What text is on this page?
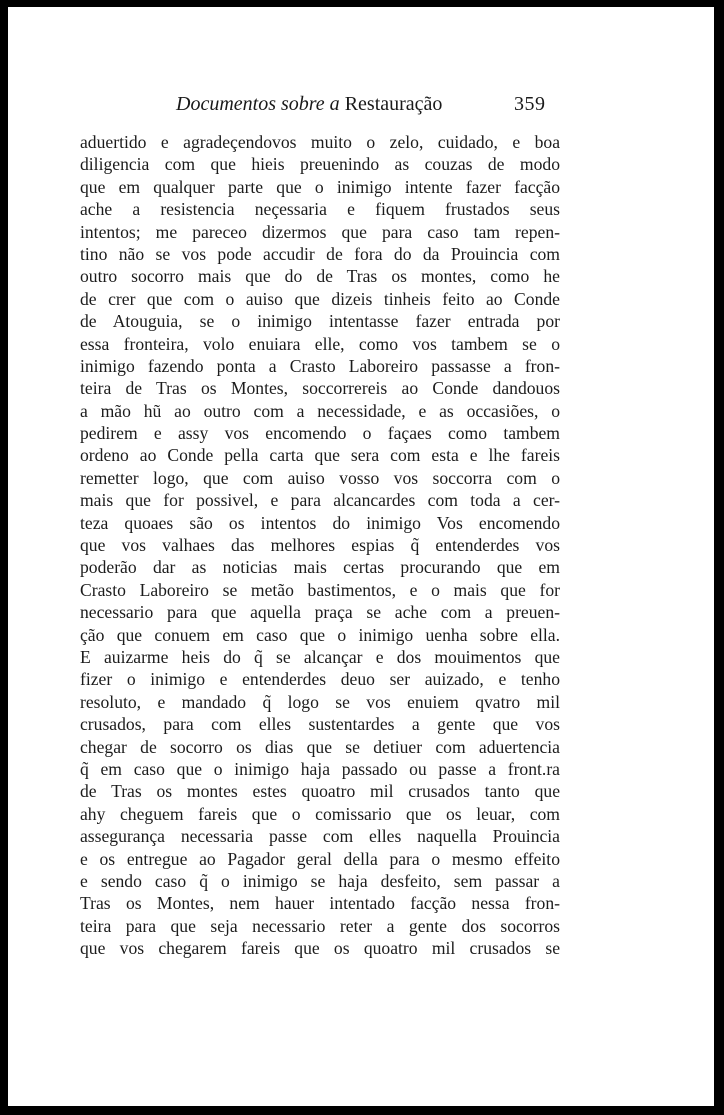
Documentos sobre a Restauração	359
aduertido e agradeçendovos muito o zelo, cuidado, e boa
diligencia com que hieis preuenindo as couzas de modo
que em qualquer parte que o inimigo intente fazer facção
ache a resistencia neçessaria e fiquem frustados seus
intentos; me pareceo dizermos que para caso tam repen-
tino não se vos pode accudir de fora do da Prouincia com
outro socorro mais que do de Tras os montes, como he
de crer que com o auiso que dizeis tinheis feito ao Conde
de Atouguia, se o inimigo intentasse fazer entrada por
essa fronteira, volo enuiara elle, como vos tambem se o
inimigo fazendo ponta a Crasto Laboreiro passasse a fron-
teira de Tras os Montes, soccorrereis ao Conde dandouos
a mão hũ ao outro com a necessidade, e as occasiões, o
pedirem e assy vos encomendo o façaes como tambem
ordeno ao Conde pella carta que sera com esta e lhe fareis
remetter logo, que com auiso vosso vos soccorra com o
mais que for possivel, e para alcancardes com toda a cer-
teza quoaes são os intentos do inimigo Vos encomendo
que vos valhaes das melhores espias q̃ entenderdes vos
poderão dar as noticias mais certas procurando que em
Crasto Laboreiro se metão bastimentos, e o mais que for
necessario para que aquella praça se ache com a preuen-
ção que conuem em caso que o inimigo uenha sobre ella.
E auizarme heis do q̃ se alcançar e dos mouimentos que
fizer o inimigo e entenderdes deuo ser auizado, e tenho
resoluto, e mandado q̃ logo se vos enuiem qvatro mil
crusados, para com elles sustentardes a gente que vos
chegar de socorro os dias que se detiuer com aduertencia
q̃ em caso que o inimigo haja passado ou passe a front.ra
de Tras os montes estes quoatro mil crusados tanto que
ahy cheguem fareis que o comissario que os leuar, com
assegurança necessaria passe com elles naquella Prouincia
e os entregue ao Pagador geral della para o mesmo effeito
e sendo caso q̃ o inimigo se haja desfeito, sem passar a
Tras os Montes, nem hauer intentado facção nessa fron-
teira para que seja necessario reter a gente dos socorros
que vos chegarem fareis que os quoatro mil crusados se
